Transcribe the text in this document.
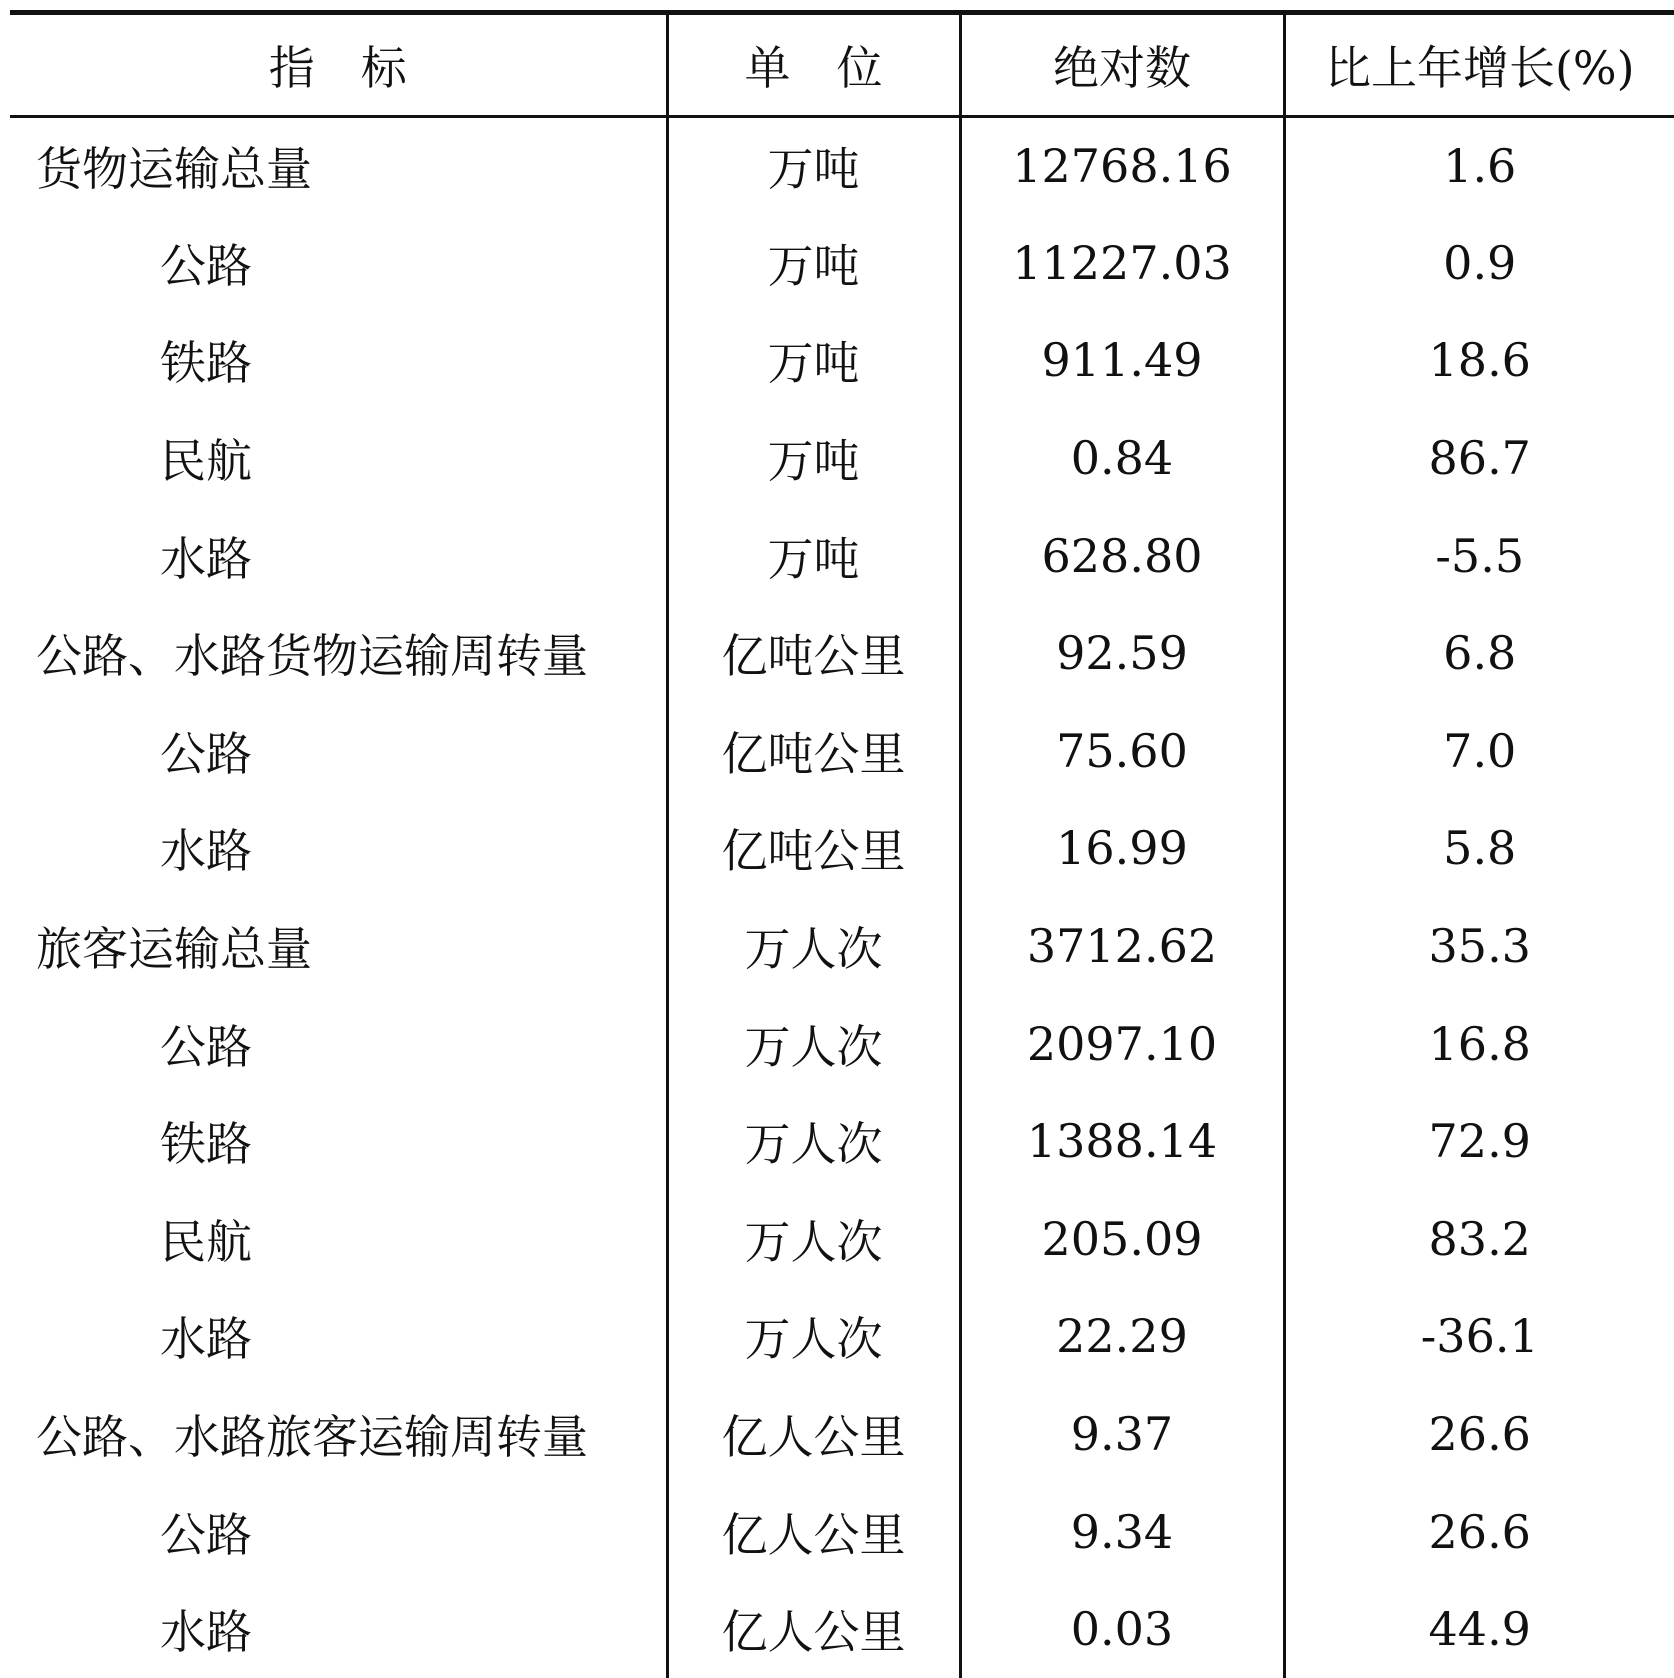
指　标	单　位	绝对数	比上年增长(%)
货物运输总量	万吨	12768.16	1.6
公路	万吨	11227.03	0.9
铁路	万吨	911.49	18.6
民航	万吨	0.84	86.7
水路	万吨	628.80	-5.5
公路、水路货物运输周转量	亿吨公里	92.59	6.8
公路	亿吨公里	75.60	7.0
水路	亿吨公里	16.99	5.8
旅客运输总量	万人次	3712.62	35.3
公路	万人次	2097.10	16.8
铁路	万人次	1388.14	72.9
民航	万人次	205.09	83.2
水路	万人次	22.29	-36.1
公路、水路旅客运输周转量	亿人公里	9.37	26.6
公路	亿人公里	9.34	26.6
水路	亿人公里	0.03	44.9
